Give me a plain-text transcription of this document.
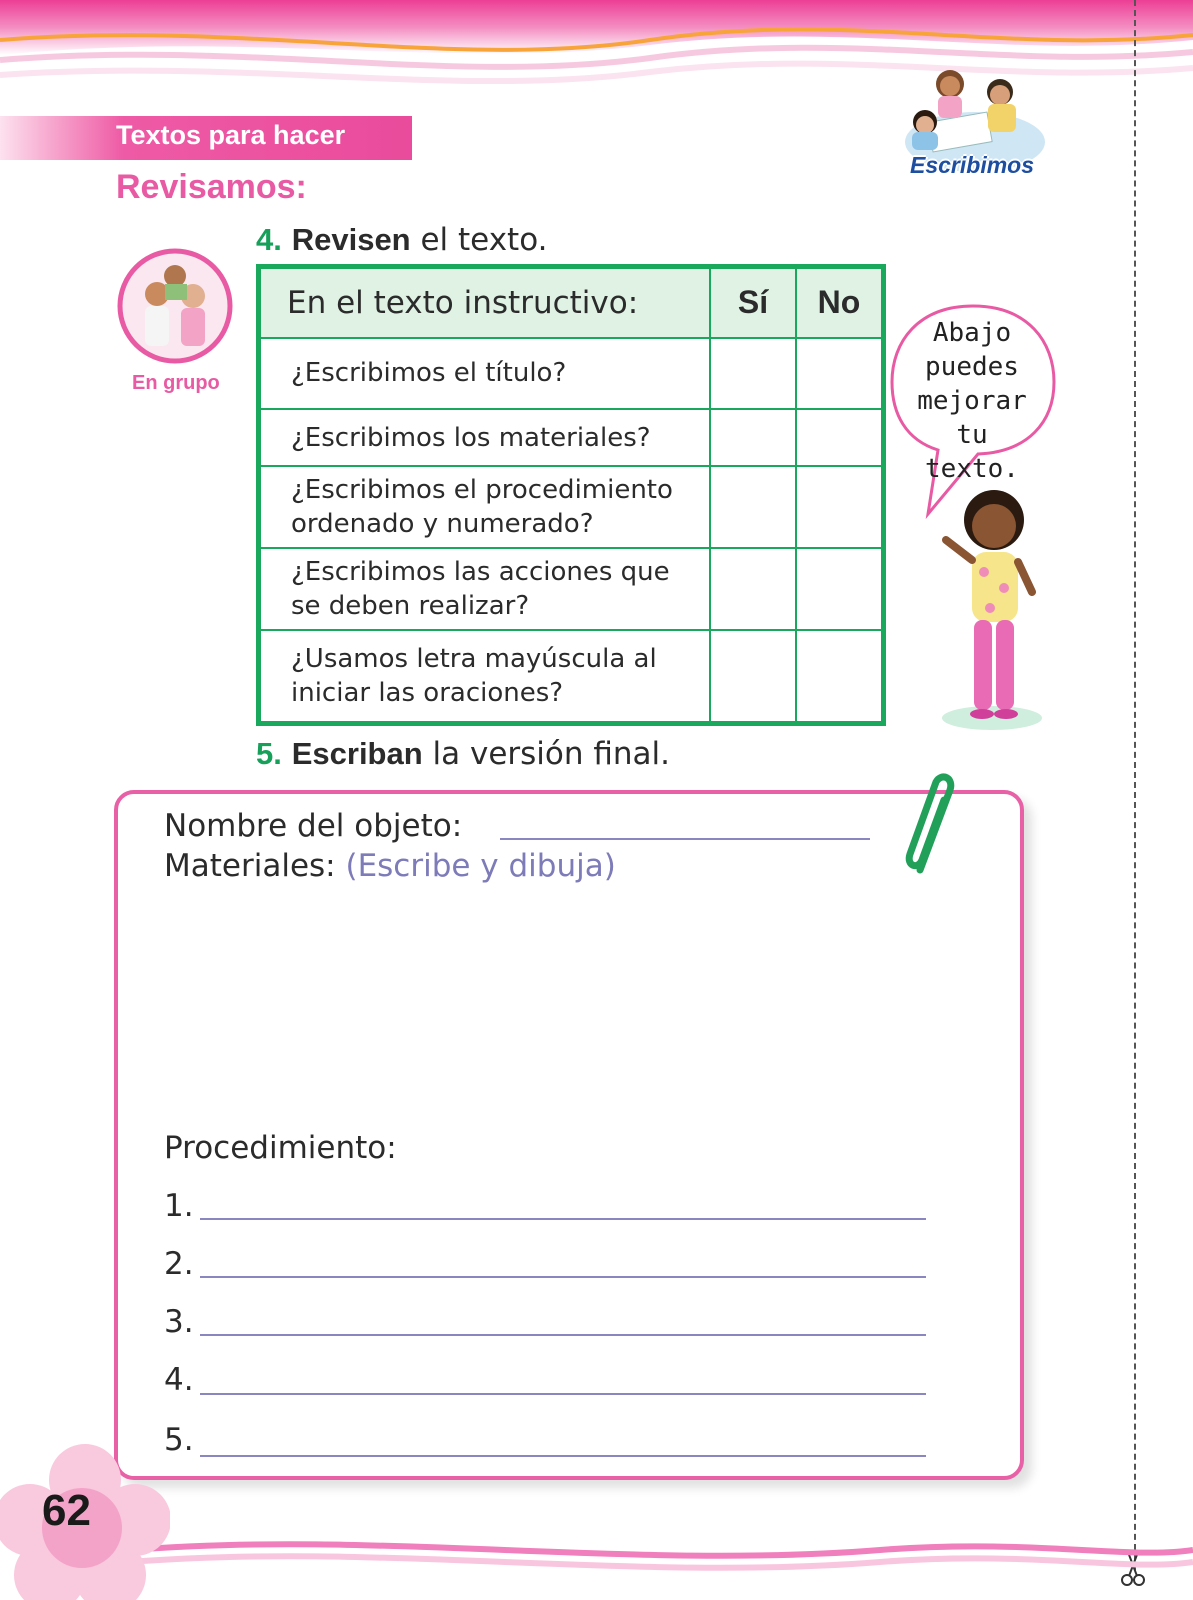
Textos para hacer
Revisamos:
Escribimos
En grupo
4. Revisen el texto.
En el texto instructivo:	Sí	No
¿Escribimos el título?		
¿Escribimos los materiales?		
¿Escribimos el procedimiento
ordenado y numerado?		
¿Escribimos las acciones que
se deben realizar?		
¿Usamos letra mayúscula al
iniciar las oraciones?		
Abajo
puedes
mejorar
tu texto.
5. Escriban la versión final.
Nombre del objeto:
Materiales: (Escribe y dibuja)
Procedimiento:
1.
2.
3.
4.
5.
62
